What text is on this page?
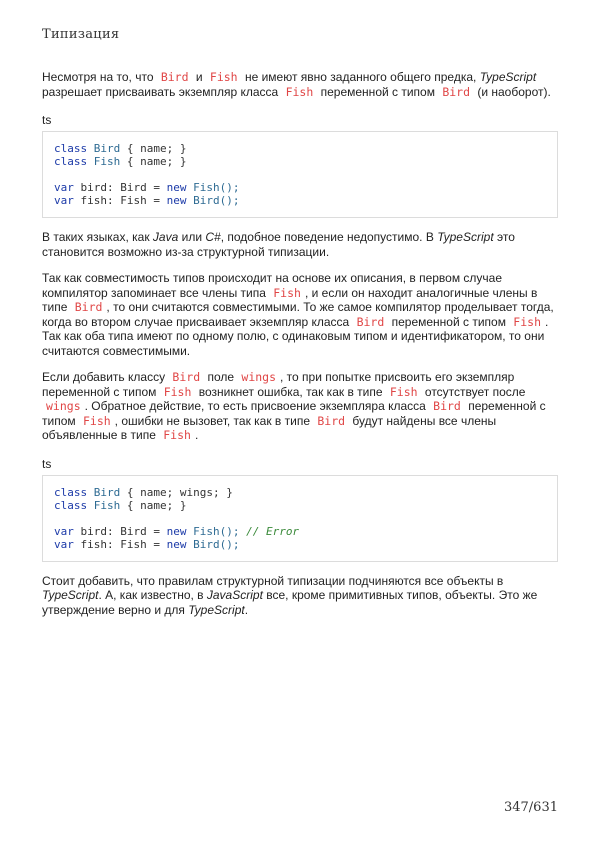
Типизация

Несмотря на то, что Bird и Fish не имеют явно заданного общего предка, TypeScript разрешает присваивать экземпляр класса Fish переменной с типом Bird (и наоборот).

ts
class Bird { name; }
class Fish { name; }

var bird: Bird = new Fish();
var fish: Fish = new Bird();

В таких языках, как Java или C#, подобное поведение недопустимо. В TypeScript это становится возможно из-за структурной типизации.

Так как совместимость типов происходит на основе их описания, в первом случае компилятор запоминает все члены типа Fish , и если он находит аналогичные члены в типе Bird , то они считаются совместимыми. То же самое компилятор проделывает тогда, когда во втором случае присваивает экземпляр класса Bird переменной с типом Fish . Так как оба типа имеют по одному полю, с одинаковым типом и идентификатором, то они считаются совместимыми.

Если добавить классу Bird поле wings , то при попытке присвоить его экземпляр переменной с типом Fish возникнет ошибка, так как в типе Fish отсутствует после wings . Обратное действие, то есть присвоение экземпляра класса Bird переменной с типом Fish , ошибки не вызовет, так как в типе Bird будут найдены все члены объявленные в типе Fish .

ts
class Bird { name; wings; }
class Fish { name; }

var bird: Bird = new Fish(); // Error
var fish: Fish = new Bird();

Стоит добавить, что правилам структурной типизации подчиняются все объекты в TypeScript. А, как известно, в JavaScript все, кроме примитивных типов, объекты. Это же утверждение верно и для TypeScript.

347/631
